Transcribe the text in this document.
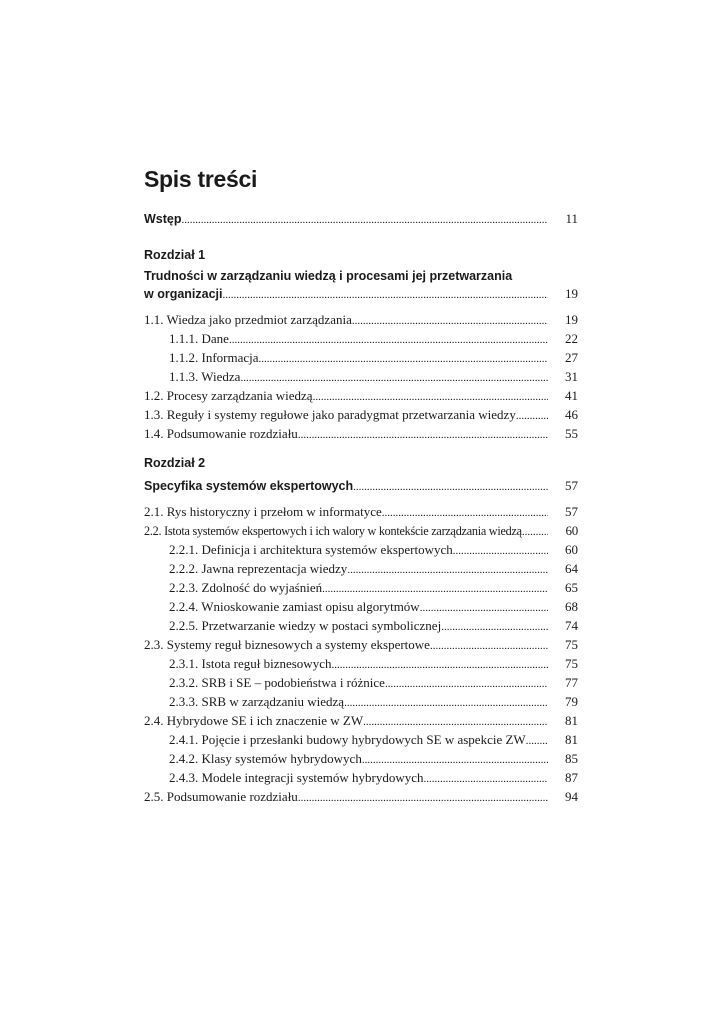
Spis treści
Wstęp .....	11
Rozdział 1
Trudności w zarządzaniu wiedzą i procesami jej przetwarzania
w organizacji .....	19
1.1. Wiedza jako przedmiot zarządzania .....	19
1.1.1. Dane .....	22
1.1.2. Informacja .....	27
1.1.3. Wiedza .....	31
1.2. Procesy zarządzania wiedzą .....	41
1.3. Reguły i systemy regułowe jako paradygmat przetwarzania wiedzy .....	46
1.4. Podsumowanie rozdziału .....	55
Rozdział 2
Specyfika systemów ekspertowych .....	57
2.1. Rys historyczny i przełom w informatyce .....	57
2.2. Istota systemów ekspertowych i ich walory w kontekście zarządzania wiedzą .....	60
2.2.1. Definicja i architektura systemów ekspertowych .....	60
2.2.2. Jawna reprezentacja wiedzy .....	64
2.2.3. Zdolność do wyjaśnień .....	65
2.2.4. Wnioskowanie zamiast opisu algorytmów .....	68
2.2.5. Przetwarzanie wiedzy w postaci symbolicznej .....	74
2.3. Systemy reguł biznesowych a systemy ekspertowe .....	75
2.3.1. Istota reguł biznesowych .....	75
2.3.2. SRB i SE – podobieństwa i różnice .....	77
2.3.3. SRB w zarządzaniu wiedzą .....	79
2.4. Hybrydowe SE i ich znaczenie w ZW .....	81
2.4.1. Pojęcie i przesłanki budowy hybrydowych SE w aspekcie ZW .....	81
2.4.2. Klasy systemów hybrydowych .....	85
2.4.3. Modele integracji systemów hybrydowych .....	87
2.5. Podsumowanie rozdziału .....	94
